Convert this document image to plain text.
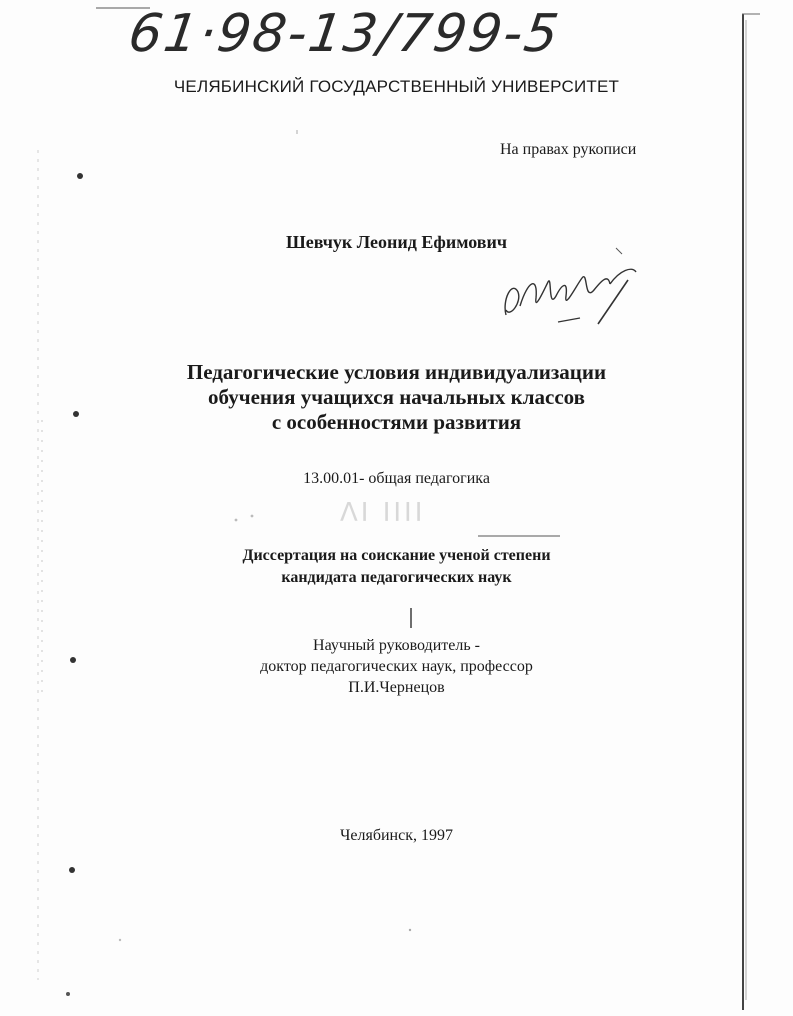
61·98-13/799-5
ЧЕЛЯБИНСКИЙ ГОСУДАРСТВЕННЫЙ УНИВЕРСИТЕТ
На правах рукописи
Шевчук Леонид Ефимович
Педагогические условия индивидуализации
обучения учащихся начальных классов
с особенностями развития
13.00.01- общая педагогика
ΛΙ ΙΙΙΙ
Диссертация на соискание ученой степени
кандидата педагогических наук
Научный руководитель -
доктор педагогических наук, профессор
П.И.Чернецов
Челябинск, 1997
